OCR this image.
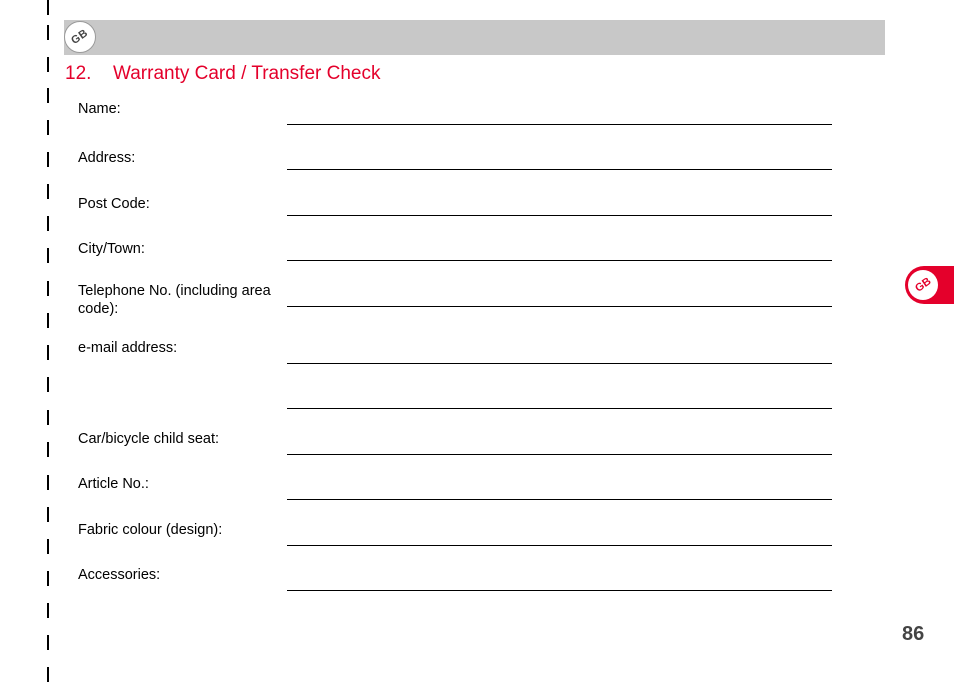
GB
12. Warranty Card / Transfer Check

Name:

Address:

Post Code:

City/Town:

Telephone No. (including area code):

e-mail address:

Car/bicycle child seat:

Article No.:

Fabric colour (design):

Accessories:

GB
86
